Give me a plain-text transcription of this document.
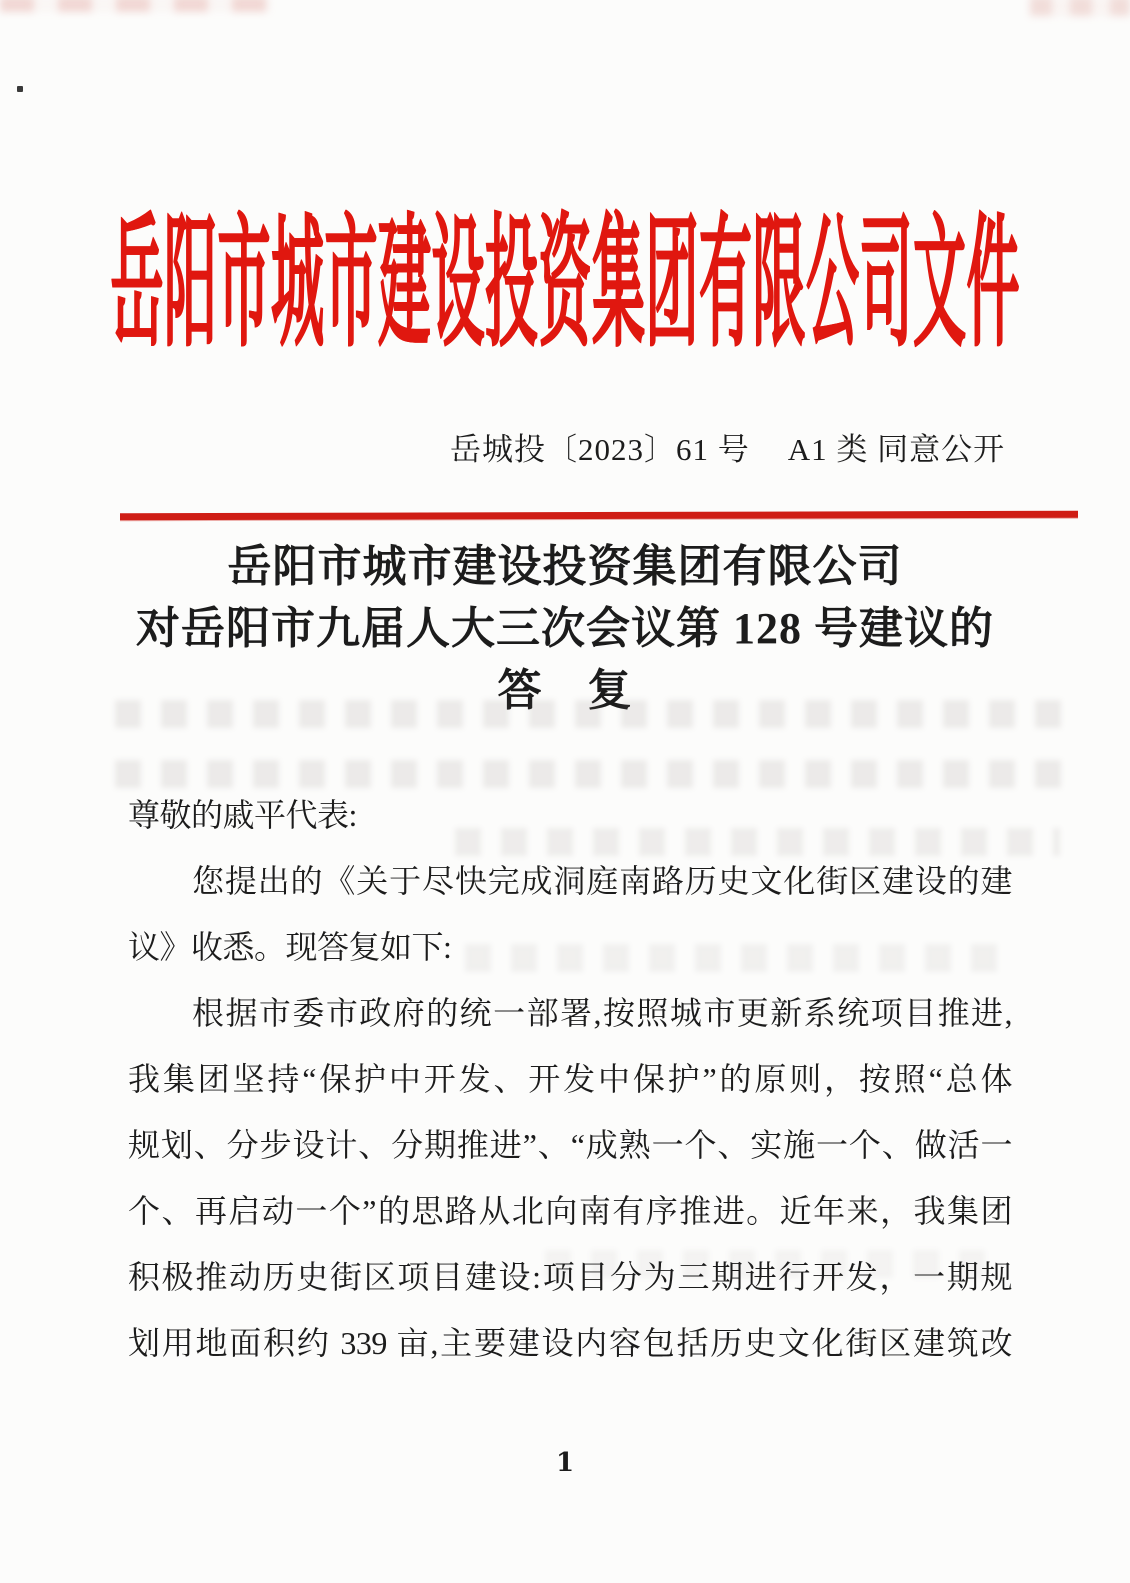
岳阳市城市建设投资集团有限公司文件
岳城投〔2023〕61 号 A1 类 同意公开
岳阳市城市建设投资集团有限公司
对岳阳市九届人大三次会议第 128 号建议的
答　复
尊敬的戚平代表:
您提出的《关于尽快完成洞庭南路历史文化街区建设的建
议》收悉。现答复如下:
根据市委市政府的统一部署,按照城市更新系统项目推进,
我集团坚持“保护中开发、开发中保护”的原则，按照“总体
规划、分步设计、分期推进”、“成熟一个、实施一个、做活一
个、再启动一个”的思路从北向南有序推进。近年来，我集团
积极推动历史街区项目建设:项目分为三期进行开发，一期规
划用地面积约 339 亩,主要建设内容包括历史文化街区建筑改
1
